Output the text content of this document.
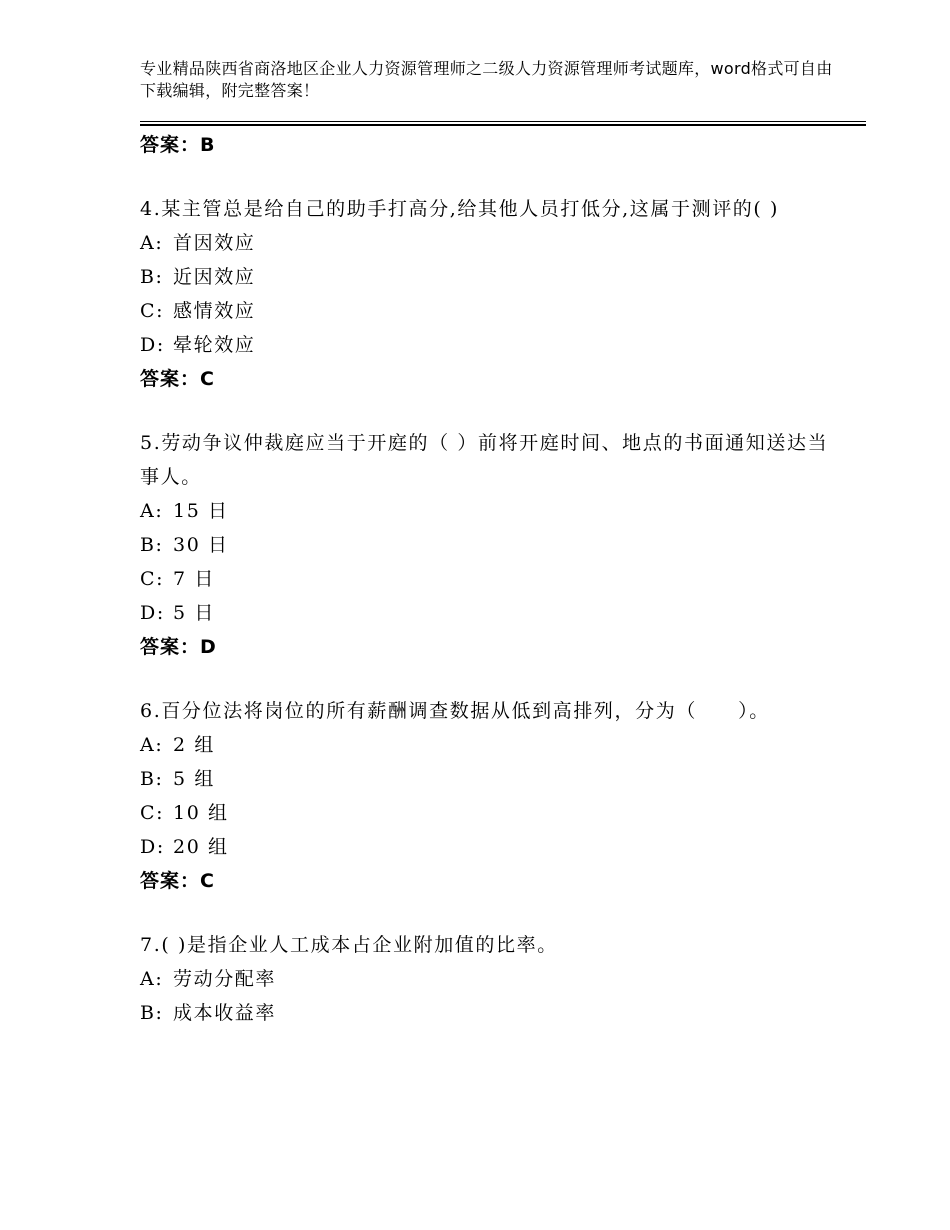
专业精品陕西省商洛地区企业人力资源管理师之二级人力资源管理师考试题库，word格式可自由下载编辑，附完整答案！
答案：B
4.某主管总是给自己的助手打高分,给其他人员打低分,这属于测评的( )
A: 首因效应
B: 近因效应
C: 感情效应
D: 晕轮效应
答案：C
5.劳动争议仲裁庭应当于开庭的（ ）前将开庭时间、地点的书面通知送达当事人。
A: 15 日
B: 30 日
C: 7 日
D: 5 日
答案：D
6.百分位法将岗位的所有薪酬调查数据从低到高排列，分为（　　）。
A: 2 组
B: 5 组
C: 10 组
D: 20 组
答案：C
7.( )是指企业人工成本占企业附加值的比率。
A: 劳动分配率
B: 成本收益率
